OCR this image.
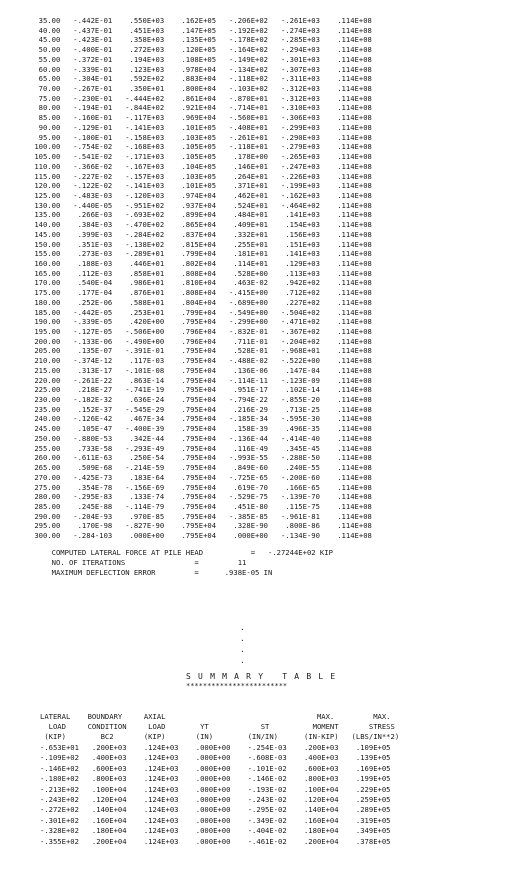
35.00   -.442E-01    .550E+03    .162E+05   -.206E+02   -.261E+03    .114E+08
40.00   -.437E-01    .451E+03    .147E+05   -.192E+02   -.274E+03    .114E+08
45.00   -.423E-01    .358E+03    .135E+05   -.178E+02   -.285E+03    .114E+08
50.00   -.400E-01    .272E+03    .120E+05   -.164E+02   -.294E+03    .114E+08
55.00   -.372E-01    .194E+03    .108E+05   -.149E+02   -.301E+03    .114E+08
60.00   -.339E-01    .123E+03    .978E+04   -.134E+02   -.307E+03    .114E+08
65.00   -.304E-01    .592E+02    .883E+04   -.118E+02   -.311E+03    .114E+08
70.00   -.267E-01    .350E+01    .800E+04   -.103E+02   -.312E+03    .114E+08
75.00   -.230E-01   -.444E+02    .861E+04   -.870E+01   -.312E+03    .114E+08
80.00   -.194E-01   -.844E+02    .921E+04   -.714E+01   -.310E+03    .114E+08
85.00   -.160E-01   -.117E+03    .969E+04   -.560E+01   -.306E+03    .114E+08
90.00   -.129E-01   -.141E+03    .101E+05   -.408E+01   -.299E+03    .114E+08
95.00   -.100E-01   -.158E+03    .103E+05   -.261E+01   -.290E+03    .114E+08
100.00   -.754E-02   -.168E+03    .105E+05   -.118E+01   -.279E+03    .114E+08
105.00   -.541E-02   -.171E+03    .105E+05    .178E+00   -.265E+03    .114E+08
110.00   -.366E-02   -.167E+03    .104E+05    .146E+01   -.247E+03    .114E+08
115.00   -.227E-02   -.157E+03    .103E+05    .264E+01   -.226E+03    .114E+08
120.00   -.122E-02   -.141E+03    .101E+05    .371E+01   -.199E+03    .114E+08
125.00   -.483E-03   -.120E+03    .974E+04    .462E+01   -.162E+03    .114E+08
130.00   -.440E-05   -.951E+02    .937E+04    .524E+01   -.464E+02    .114E+08
135.00    .266E-03   -.693E+02    .899E+04    .484E+01    .141E+03    .114E+08
140.00    .384E-03   -.470E+02    .865E+04    .409E+01    .154E+03    .114E+08
145.00    .399E-03   -.284E+02    .837E+04    .332E+01    .156E+03    .114E+08
150.00    .351E-03   -.138E+02    .815E+04    .255E+01    .151E+03    .114E+08
155.00    .273E-03   -.289E+01    .799E+04    .181E+01    .141E+03    .114E+08
160.00    .188E-03    .446E+01    .802E+04    .114E+01    .129E+03    .114E+08
165.00    .112E-03    .858E+01    .808E+04    .528E+00    .113E+03    .114E+08
170.00    .540E-04    .986E+01    .810E+04    .463E-02    .942E+02    .114E+08
175.00    .177E-04    .876E+01    .808E+04   -.415E+00    .712E+02    .114E+08
180.00    .252E-06    .588E+01    .804E+04   -.689E+00    .227E+02    .114E+08
185.00   -.442E-05    .253E+01    .799E+04   -.549E+00   -.504E+02    .114E+08
190.00   -.339E-05    .420E+00    .795E+04   -.299E+00   -.471E+02    .114E+08
195.00   -.127E-05   -.506E+00    .796E+04   -.832E-01   -.367E+02    .114E+08
200.00   -.133E-06   -.490E+00    .796E+04    .711E-01   -.204E+02    .114E+08
205.00    .135E-07   -.391E-01    .795E+04    .528E-01   -.968E+01    .114E+08
210.00   -.374E-12    .117E-03    .795E+04   -.488E-02   -.522E+00    .114E+08
215.00    .313E-17   -.101E-08    .795E+04    .136E-06    .147E-04    .114E+08
220.00   -.261E-22    .863E-14    .795E+04   -.114E-11   -.123E-09    .114E+08
225.00    .218E-27   -.741E-19    .795E+04    .951E-17    .102E-14    .114E+08
230.00   -.182E-32    .636E-24    .795E+04   -.794E-22   -.855E-20    .114E+08
235.00    .152E-37   -.545E-29    .795E+04    .216E-29    .713E-25    .114E+08
240.00   -.126E-42    .467E-34    .795E+04   -.185E-34   -.595E-30    .114E+08
245.00    .105E-47   -.400E-39    .795E+04    .158E-39    .496E-35    .114E+08
250.00   -.880E-53    .342E-44    .795E+04   -.136E-44   -.414E-40    .114E+08
255.00    .733E-58   -.293E-49    .795E+04    .116E-49    .345E-45    .114E+08
260.00   -.611E-63    .250E-54    .795E+04   -.993E-55   -.288E-50    .114E+08
265.00    .509E-68   -.214E-59    .795E+04    .849E-60    .240E-55    .114E+08
270.00   -.425E-73    .183E-64    .795E+04   -.725E-65   -.200E-60    .114E+08
275.00    .354E-78   -.156E-69    .795E+04    .619E-70    .166E-65    .114E+08
280.00   -.295E-83    .133E-74    .795E+04   -.529E-75   -.139E-70    .114E+08
285.00    .245E-88   -.114E-79    .795E+04    .451E-80    .115E-75    .114E+08
290.00   -.204E-93    .970E-85    .795E+04   -.385E-85   -.961E-81    .114E+08
295.00    .170E-98   -.827E-90    .795E+04    .328E-90    .800E-86    .114E+08
300.00   -.284-103    .000E+00    .795E+04    .000E+00   -.134E-90    .114E+08
COMPUTED LATERAL FORCE AT PILE HEAD           =   -.27244E+02 KIP
NO. OF ITERATIONS                =         11
MAXIMUM DEFLECTION ERROR         =      .938E-05 IN
.
.
.
.
S U M M A R Y   T A B L E
************************
LATERAL    BOUNDARY     AXIAL                                   MAX.         MAX.
LOAD     CONDITION     LOAD        YT            ST          MOMENT       STRESS
(KIP)        BC2       (KIP)       (IN)        (IN/IN)      (IN-KIP)   (LBS/IN**2)
-.653E+01   .200E+03    .124E+03    .000E+00    -.254E-03    .200E+03    .109E+05
-.109E+02   .400E+03    .124E+03    .000E+00    -.608E-03    .400E+03    .139E+05
-.146E+02   .600E+03    .124E+03    .000E+00    -.101E-02    .600E+03    .169E+05
-.180E+02   .800E+03    .124E+03    .000E+00    -.146E-02    .800E+03    .199E+05
-.213E+02   .100E+04    .124E+03    .000E+00    -.193E-02    .100E+04    .229E+05
-.243E+02   .120E+04    .124E+03    .000E+00    -.243E-02    .120E+04    .259E+05
-.272E+02   .140E+04    .124E+03    .000E+00    -.295E-02    .140E+04    .289E+05
-.301E+02   .160E+04    .124E+03    .000E+00    -.349E-02    .160E+04    .319E+05
-.328E+02   .180E+04    .124E+03    .000E+00    -.404E-02    .180E+04    .349E+05
-.355E+02   .200E+04    .124E+03    .000E+00    -.461E-02    .200E+04    .378E+05
